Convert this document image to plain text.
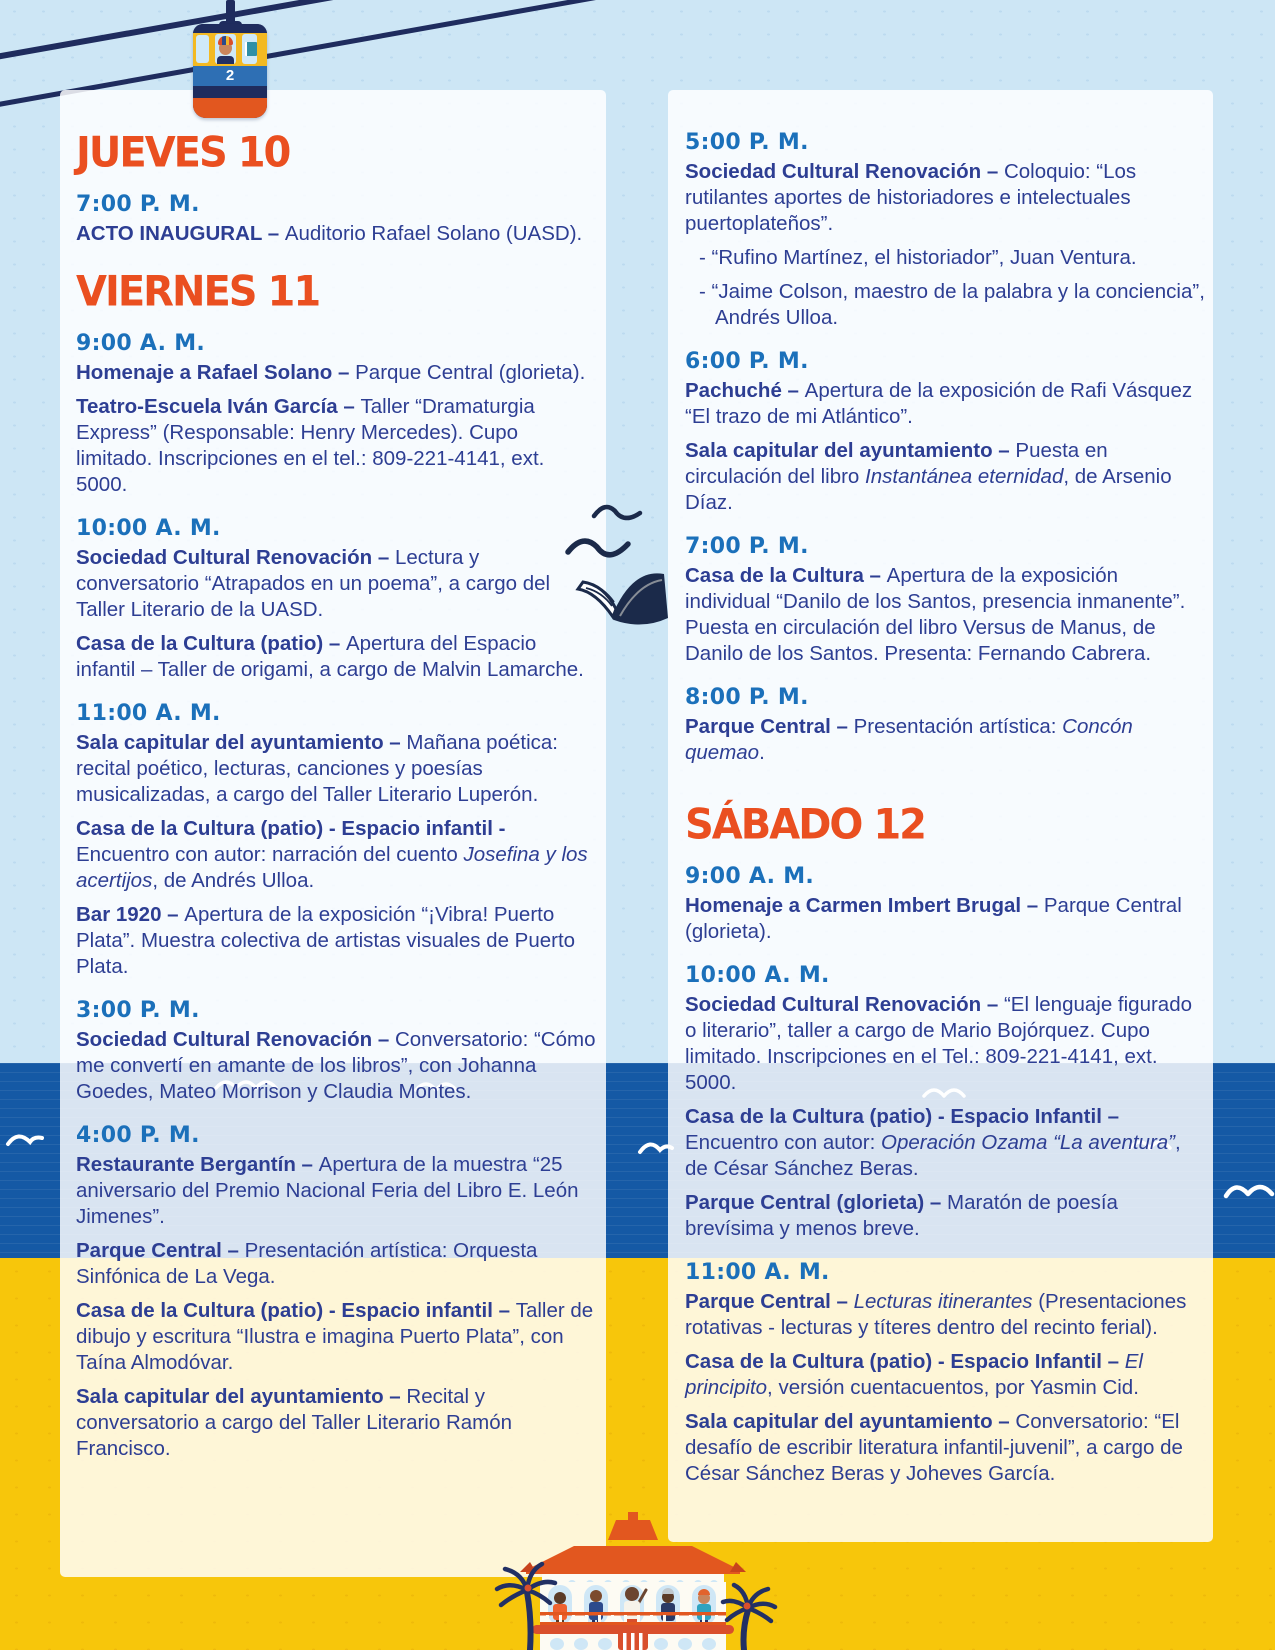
2
JUEVES 10
7:00 P. M.

ACTO INAUGURAL – Auditorio Rafael Solano (UASD).

VIERNES 11
9:00 A. M.

Homenaje a Rafael Solano – Parque Central (glorieta).

Teatro-Escuela Iván García – Taller “Dramaturgia Express” (Responsable: Henry Mercedes). Cupo limitado. Inscripciones en el tel.: 809-221-4141, ext. 5000.

10:00 A. M.

Sociedad Cultural Renovación – Lectura y conversatorio “Atrapados en un poema”, a cargo del Taller Literario de la UASD.

Casa de la Cultura (patio) – Apertura del Espacio infantil – Taller de origami, a cargo de Malvin Lamarche.

11:00 A. M.

Sala capitular del ayuntamiento – Mañana poética: recital poético, lecturas, canciones y poesías musicalizadas, a cargo del Taller Literario Luperón.

Casa de la Cultura (patio) - Espacio infantil - Encuentro con autor: narración del cuento Josefina y los acertijos, de Andrés Ulloa.

Bar 1920 – Apertura de la exposición “¡Vibra! Puerto Plata”. Muestra colectiva de artistas visuales de Puerto Plata.

3:00 P. M.

Sociedad Cultural Renovación – Conversatorio: “Cómo me convertí en amante de los libros”, con Johanna Goedes, Mateo Morrison y Claudia Montes.

4:00 P. M.

Restaurante Bergantín – Apertura de la muestra “25 aniversario del Premio Nacional Feria del Libro E. León Jimenes”.

Parque Central – Presentación artística: Orquesta Sinfónica de La Vega.

Casa de la Cultura (patio) - Espacio infantil – Taller de dibujo y escritura “Ilustra e imagina Puerto Plata”, con Taína Almodóvar.

Sala capitular del ayuntamiento – Recital y conversatorio a cargo del Taller Literario Ramón Francisco.

5:00 P. M.

Sociedad Cultural Renovación – Coloquio: “Los rutilantes aportes de historiadores e intelectuales puertoplateños”.

- “Rufino Martínez, el historiador”, Juan Ventura.

- “Jaime Colson, maestro de la palabra y la conciencia”, Andrés Ulloa.

6:00 P. M.

Pachuché – Apertura de la exposición de Rafi Vásquez “El trazo de mi Atlántico”.

Sala capitular del ayuntamiento – Puesta en circulación del libro Instantánea eternidad, de Arsenio Díaz.

7:00 P. M.

Casa de la Cultura – Apertura de la exposición individual “Danilo de los Santos, presencia inmanente”. Puesta en circulación del libro Versus de Manus, de Danilo de los Santos. Presenta: Fernando Cabrera.

8:00 P. M.

Parque Central – Presentación artística: Concón quemao.

SÁBADO 12
9:00 A. M.

Homenaje a Carmen Imbert Brugal – Parque Central (glorieta).

10:00 A. M.

Sociedad Cultural Renovación – “El lenguaje figurado o literario”, taller a cargo de Mario Bojórquez. Cupo limitado. Inscripciones en el Tel.: 809-221-4141, ext. 5000.

Casa de la Cultura (patio) - Espacio Infantil – Encuentro con autor: Operación Ozama “La aventura”, de César Sánchez Beras.

Parque Central (glorieta) – Maratón de poesía brevísima y menos breve.

11:00 A. M.

Parque Central – Lecturas itinerantes (Presentaciones rotativas - lecturas y títeres dentro del recinto ferial).

Casa de la Cultura (patio) - Espacio Infantil – El principito, versión cuentacuentos, por Yasmin Cid.

Sala capitular del ayuntamiento – Conversatorio: “El desafío de escribir literatura infantil-juvenil”, a cargo de César Sánchez Beras y Joheves García.
